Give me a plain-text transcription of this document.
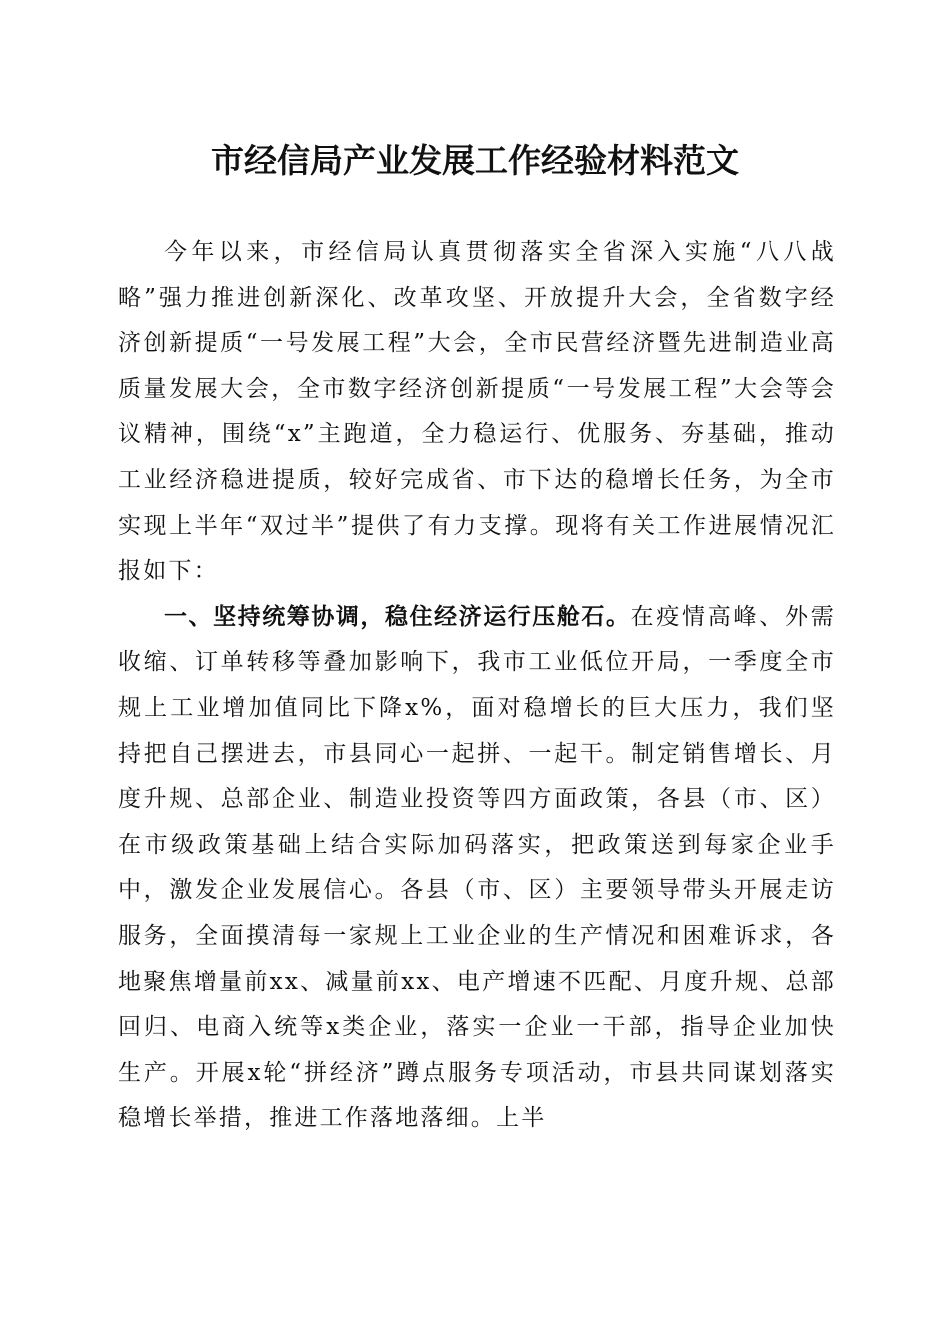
市经信局产业发展工作经验材料范文

今年以来，市经信局认真贯彻落实全省深入实施“八八战略”强力推进创新深化、改革攻坚、开放提升大会，全省数字经济创新提质“一号发展工程”大会，全市民营经济暨先进制造业高质量发展大会，全市数字经济创新提质“一号发展工程”大会等会议精神，围绕“x”主跑道，全力稳运行、优服务、夯基础，推动工业经济稳进提质，较好完成省、市下达的稳增长任务，为全市实现上半年“双过半”提供了有力支撑。现将有关工作进展情况汇报如下：

一、坚持统筹协调，稳住经济运行压舱石。在疫情高峰、外需收缩、订单转移等叠加影响下，我市工业低位开局，一季度全市规上工业增加值同比下降x%，面对稳增长的巨大压力，我们坚持把自己摆进去，市县同心一起拼、一起干。制定销售增长、月度升规、总部企业、制造业投资等四方面政策，各县（市、区）在市级政策基础上结合实际加码落实，把政策送到每家企业手中，激发企业发展信心。各县（市、区）主要领导带头开展走访服务，全面摸清每一家规上工业企业的生产情况和困难诉求，各地聚焦增量前xx、减量前xx、电产增速不匹配、月度升规、总部回归、电商入统等x类企业，落实一企业一干部，指导企业加快生产。开展x轮“拼经济”蹲点服务专项活动，市县共同谋划落实稳增长举措，推进工作落地落细。上半
